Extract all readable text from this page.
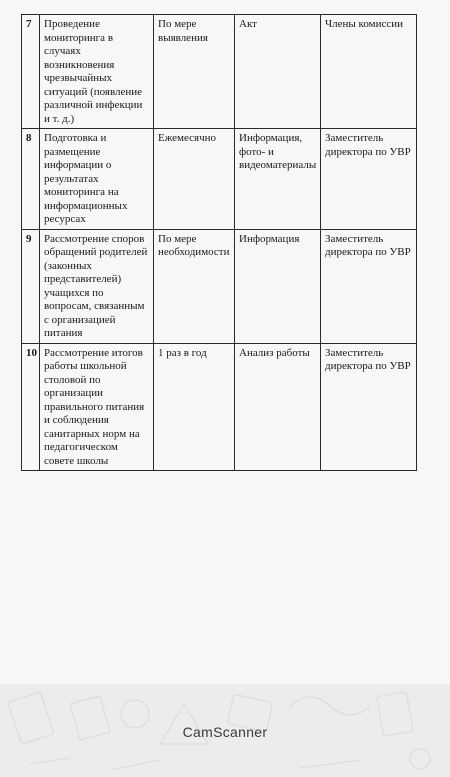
7	Проведение мониторинга в случаях возникновения чрезвычайных ситуаций (появление различной инфекции и т. д.)	По мере выявления	Акт	Члены комиссии
8	Подготовка и размещение информации о результатах мониторинга на информационных ресурсах	Ежемесячно	Информация, фото- и видеоматериалы	Заместитель директора по УВР
9	Рассмотрение споров обращений родителей (законных представителей) учащихся по вопросам, связанным с организацией питания	По мере необходимости	Информация	Заместитель директора по УВР
10	Рассмотрение итогов работы школьной столовой по организации правильного питания и соблюдения санитарных норм на педагогическом совете школы	1 раз в год	Анализ работы	Заместитель директора по УВР
CamScanner
